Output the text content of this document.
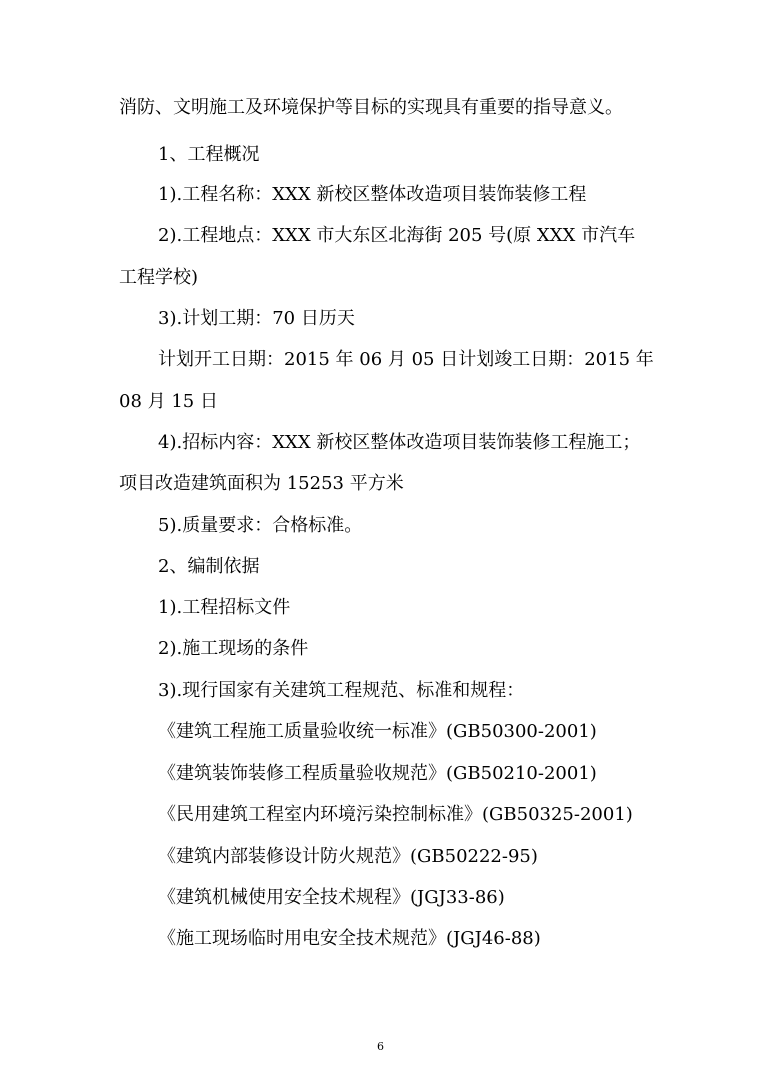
消防、文明施工及环境保护等目标的实现具有重要的指导意义。

1、工程概况

1).工程名称：XXX 新校区整体改造项目装饰装修工程

2).工程地点：XXX 市大东区北海街 205 号(原 XXX 市汽车

工程学校)

3).计划工期：70 日历天

计划开工日期：2015 年 06 月 05 日计划竣工日期：2015 年

08 月 15 日

4).招标内容：XXX 新校区整体改造项目装饰装修工程施工；

项目改造建筑面积为 15253 平方米

5).质量要求：合格标准。

2、编制依据

1).工程招标文件

2).施工现场的条件

3).现行国家有关建筑工程规范、标准和规程：

《建筑工程施工质量验收统一标准》(GB50300-2001)

《建筑装饰装修工程质量验收规范》(GB50210-2001)

《民用建筑工程室内环境污染控制标准》(GB50325-2001)

《建筑内部装修设计防火规范》(GB50222-95)

《建筑机械使用安全技术规程》(JGJ33-86)

《施工现场临时用电安全技术规范》(JGJ46-88)

6
